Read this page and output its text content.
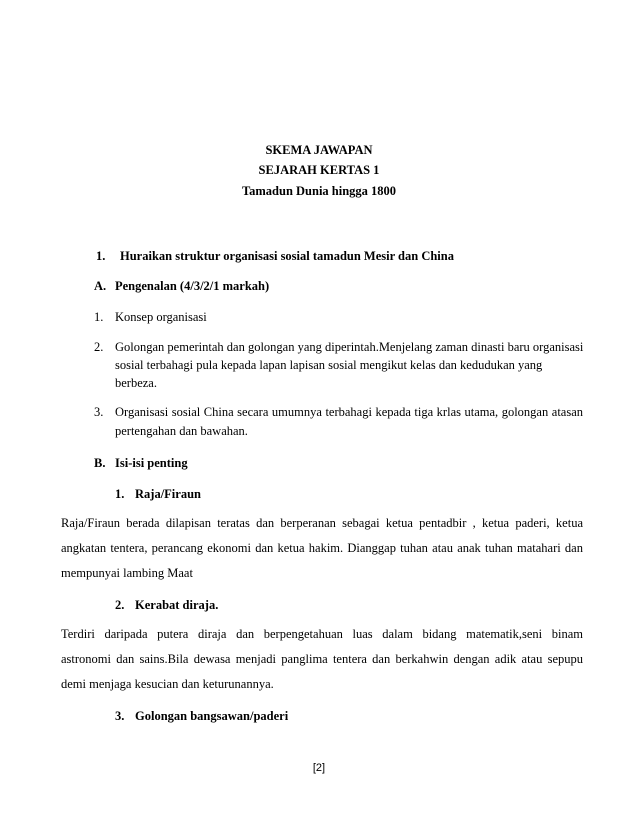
SKEMA JAWAPAN
SEJARAH KERTAS 1
Tamadun Dunia hingga 1800
1. Huraikan struktur organisasi sosial tamadun Mesir dan China
A. Pengenalan (4/3/2/1 markah)
1. Konsep organisasi
2. Golongan pemerintah dan golongan yang diperintah.Menjelang zaman dinasti baru organisasi
sosial terbahagi pula kepada lapan lapisan sosial mengikut kelas dan kedudukan yang
berbeza.
3. Organisasi sosial China secara umumnya terbahagi kepada tiga krlas utama, golongan atasan
pertengahan dan bawahan.
B. Isi-isi penting
1. Raja/Firaun
Raja/Firaun berada dilapisan teratas dan berperanan sebagai ketua pentadbir , ketua paderi, ketua
angkatan tentera, perancang ekonomi dan ketua hakim. Dianggap tuhan atau anak tuhan matahari dan
mempunyai lambing Maat
2. Kerabat diraja.
Terdiri daripada putera diraja dan berpengetahuan luas dalam bidang matematik,seni binam
astronomi dan sains.Bila dewasa menjadi panglima tentera dan berkahwin dengan adik atau sepupu
demi menjaga kesucian dan keturunannya.
3. Golongan bangsawan/paderi
[2]
